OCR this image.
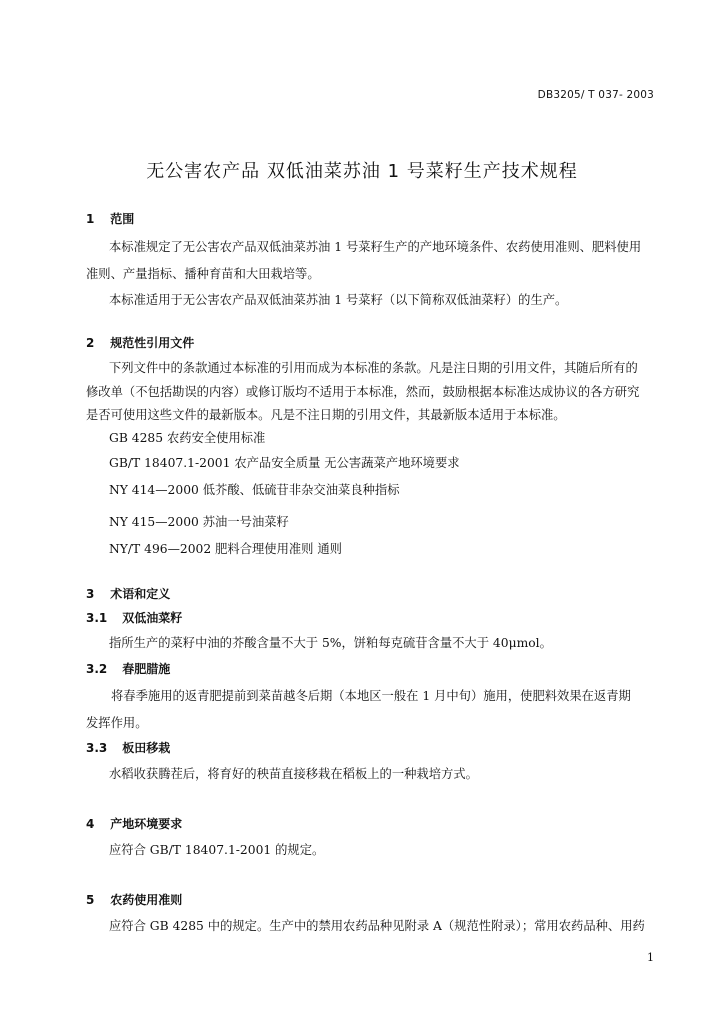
DB3205/ T 037- 2003
无公害农产品 双低油菜苏油 1 号菜籽生产技术规程
1 范围
本标准规定了无公害农产品双低油菜苏油 1 号菜籽生产的产地环境条件、农药使用准则、肥料使用
准则、产量指标、播种育苗和大田栽培等。
本标准适用于无公害农产品双低油菜苏油 1 号菜籽（以下简称双低油菜籽）的生产。
2 规范性引用文件
下列文件中的条款通过本标准的引用而成为本标准的条款。凡是注日期的引用文件，其随后所有的
修改单（不包括勘误的内容）或修订版均不适用于本标准，然而，鼓励根据本标准达成协议的各方研究
是否可使用这些文件的最新版本。凡是不注日期的引用文件，其最新版本适用于本标准。
GB 4285 农药安全使用标准
GB/T 18407.1-2001 农产品安全质量 无公害蔬菜产地环境要求
NY 414—2000 低芥酸、低硫苷非杂交油菜良种指标
NY 415—2000 苏油一号油菜籽
NY/T 496—2002 肥料合理使用准则 通则
3 术语和定义
3.1 双低油菜籽
指所生产的菜籽中油的芥酸含量不大于 5%，饼粕每克硫苷含量不大于 40μmol。
3.2 春肥腊施
将春季施用的返青肥提前到菜苗越冬后期（本地区一般在 1 月中旬）施用，使肥料效果在返青期
发挥作用。
3.3 板田移栽
水稻收获腾茬后，将育好的秧苗直接移栽在稻板上的一种栽培方式。
4 产地环境要求
应符合 GB/T 18407.1-2001 的规定。
5 农药使用准则
应符合 GB 4285 中的规定。生产中的禁用农药品种见附录 A（规范性附录）；常用农药品种、用药
1
